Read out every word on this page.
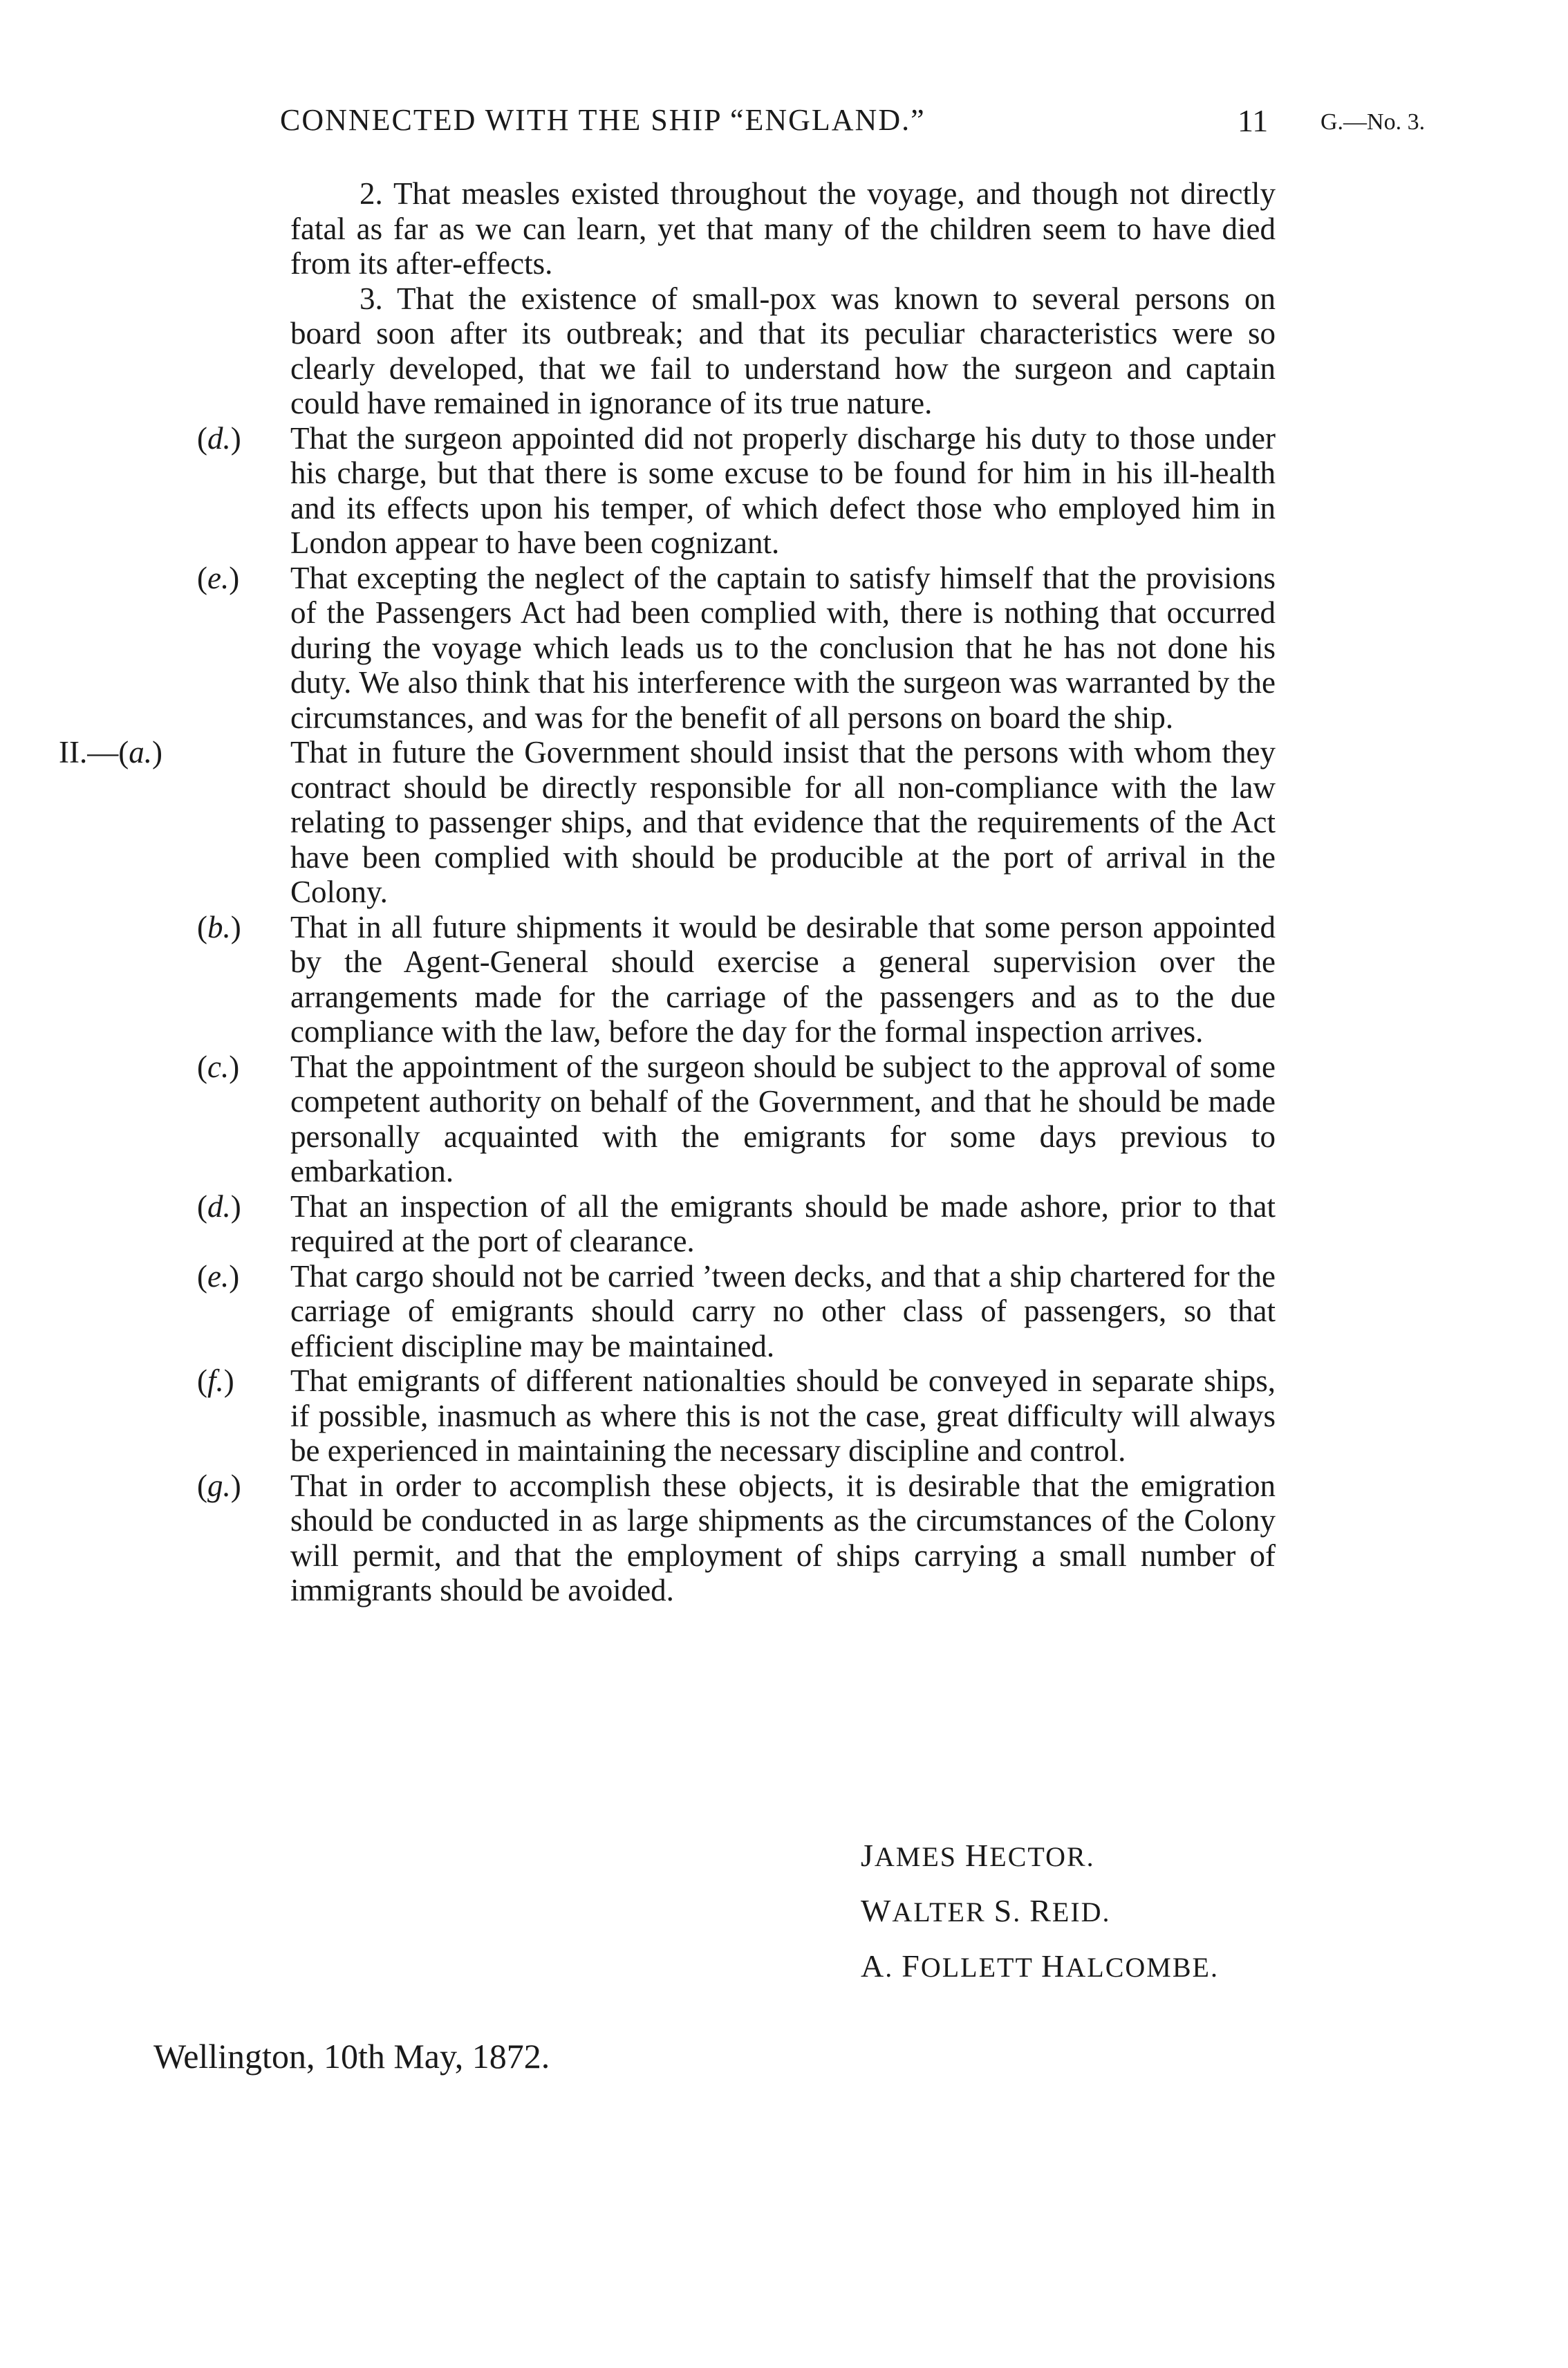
CONNECTED WITH THE SHIP “ENGLAND.”	11 G.—No. 3.
2. That measles existed throughout the voyage, and though not directly fatal as far as we can learn, yet that many of the children seem to have died from its after-effects.
3. That the existence of small-pox was known to several persons on board soon after its outbreak; and that its peculiar characteristics were so clearly developed, that we fail to understand how the surgeon and captain could have remained in ignorance of its true nature.
(d.) That the surgeon appointed did not properly discharge his duty to those under his charge, but that there is some excuse to be found for him in his ill-health and its effects upon his temper, of which defect those who employed him in London appear to have been cognizant.
(e.) That excepting the neglect of the captain to satisfy himself that the provisions of the Passengers Act had been complied with, there is nothing that occurred during the voyage which leads us to the conclusion that he has not done his duty. We also think that his interference with the surgeon was warranted by the circumstances, and was for the benefit of all persons on board the ship.
II.—(a.)	That in future the Government should insist that the persons with whom they contract should be directly responsible for all non-compliance with the law relating to passenger ships, and that evidence that the requirements of the Act have been complied with should be producible at the port of arrival in the Colony.
(b.) That in all future shipments it would be desirable that some person appointed by the Agent-General should exercise a general supervision over the arrangements made for the carriage of the passengers and as to the due compliance with the law, before the day for the formal inspection arrives.
(c.) That the appointment of the surgeon should be subject to the approval of some competent authority on behalf of the Government, and that he should be made personally acquainted with the emigrants for some days previous to embarkation.
(d.) That an inspection of all the emigrants should be made ashore, prior to that required at the port of clearance.
(e.) That cargo should not be carried ’tween decks, and that a ship chartered for the carriage of emigrants should carry no other class of passengers, so that efficient discipline may be maintained.
(f.) That emigrants of different nationalties should be conveyed in separate ships, if possible, inasmuch as where this is not the case, great difficulty will always be experienced in maintaining the necessary discipline and control.
(g.) That in order to accomplish these objects, it is desirable that the emigration should be conducted in as large shipments as the circumstances of the Colony will permit, and that the employment of ships carrying a small number of immigrants should be avoided.
JAMES HECTOR.
WALTER S. REID.
A. FOLLETT HALCOMBE.
Wellington, 10th May, 1872.
